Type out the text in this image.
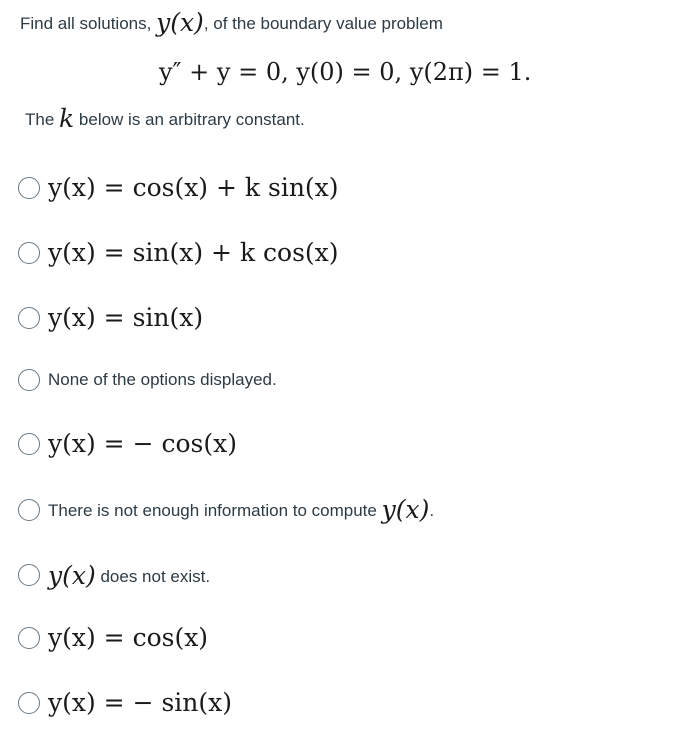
Find all solutions, y(x), of the boundary value problem
y″ + y = 0, y(0) = 0, y(2π) = 1.
The k below is an arbitrary constant.
y(x) = cos(x) + k sin(x)
y(x) = sin(x) + k cos(x)
y(x) = sin(x)
None of the options displayed.
y(x) = − cos(x)
There is not enough information to compute y(x).
y(x) does not exist.
y(x) = cos(x)
y(x) = − sin(x)
